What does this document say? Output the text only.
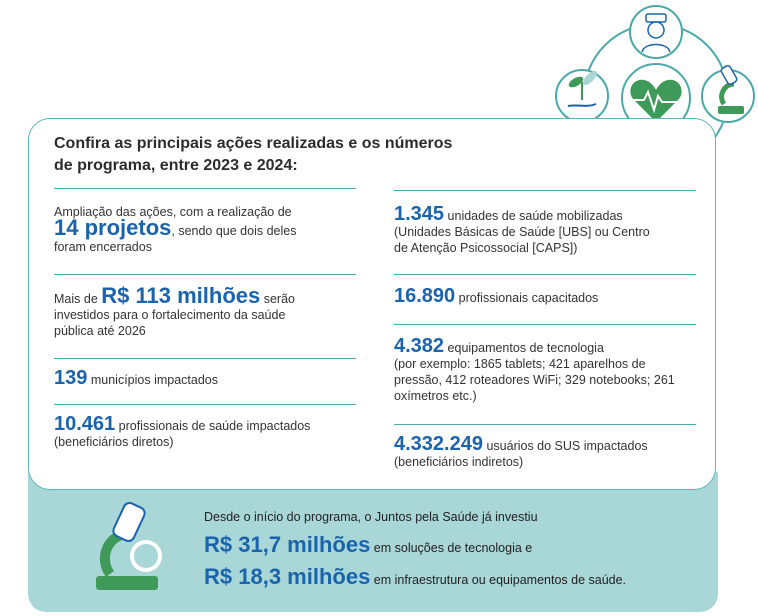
Confira as principais ações realizadas e os números
de programa, entre 2023 e 2024:
Ampliação das ações, com a realização de
14 projetos, sendo que dois deles
foram encerrados
Mais de R$ 113 milhões serão
investidos para o fortalecimento da saúde
pública até 2026
139 municípios impactados
10.461 profissionais de saúde impactados
(beneficiários diretos)
1.345 unidades de saúde mobilizadas
(Unidades Básicas de Saúde [UBS] ou Centro
de Atenção Psicossocial [CAPS])
16.890 profissionais capacitados
4.382 equipamentos de tecnologia
(por exemplo: 1865 tablets; 421 aparelhos de
pressão, 412 roteadores WiFi; 329 notebooks; 261
oxímetros etc.)
4.332.249 usuários do SUS impactados
(beneficiários indiretos)
Desde o início do programa, o Juntos pela Saúde já investiu
R$ 31,7 milhões em soluções de tecnologia e
R$ 18,3 milhões em infraestrutura ou equipamentos de saúde.
